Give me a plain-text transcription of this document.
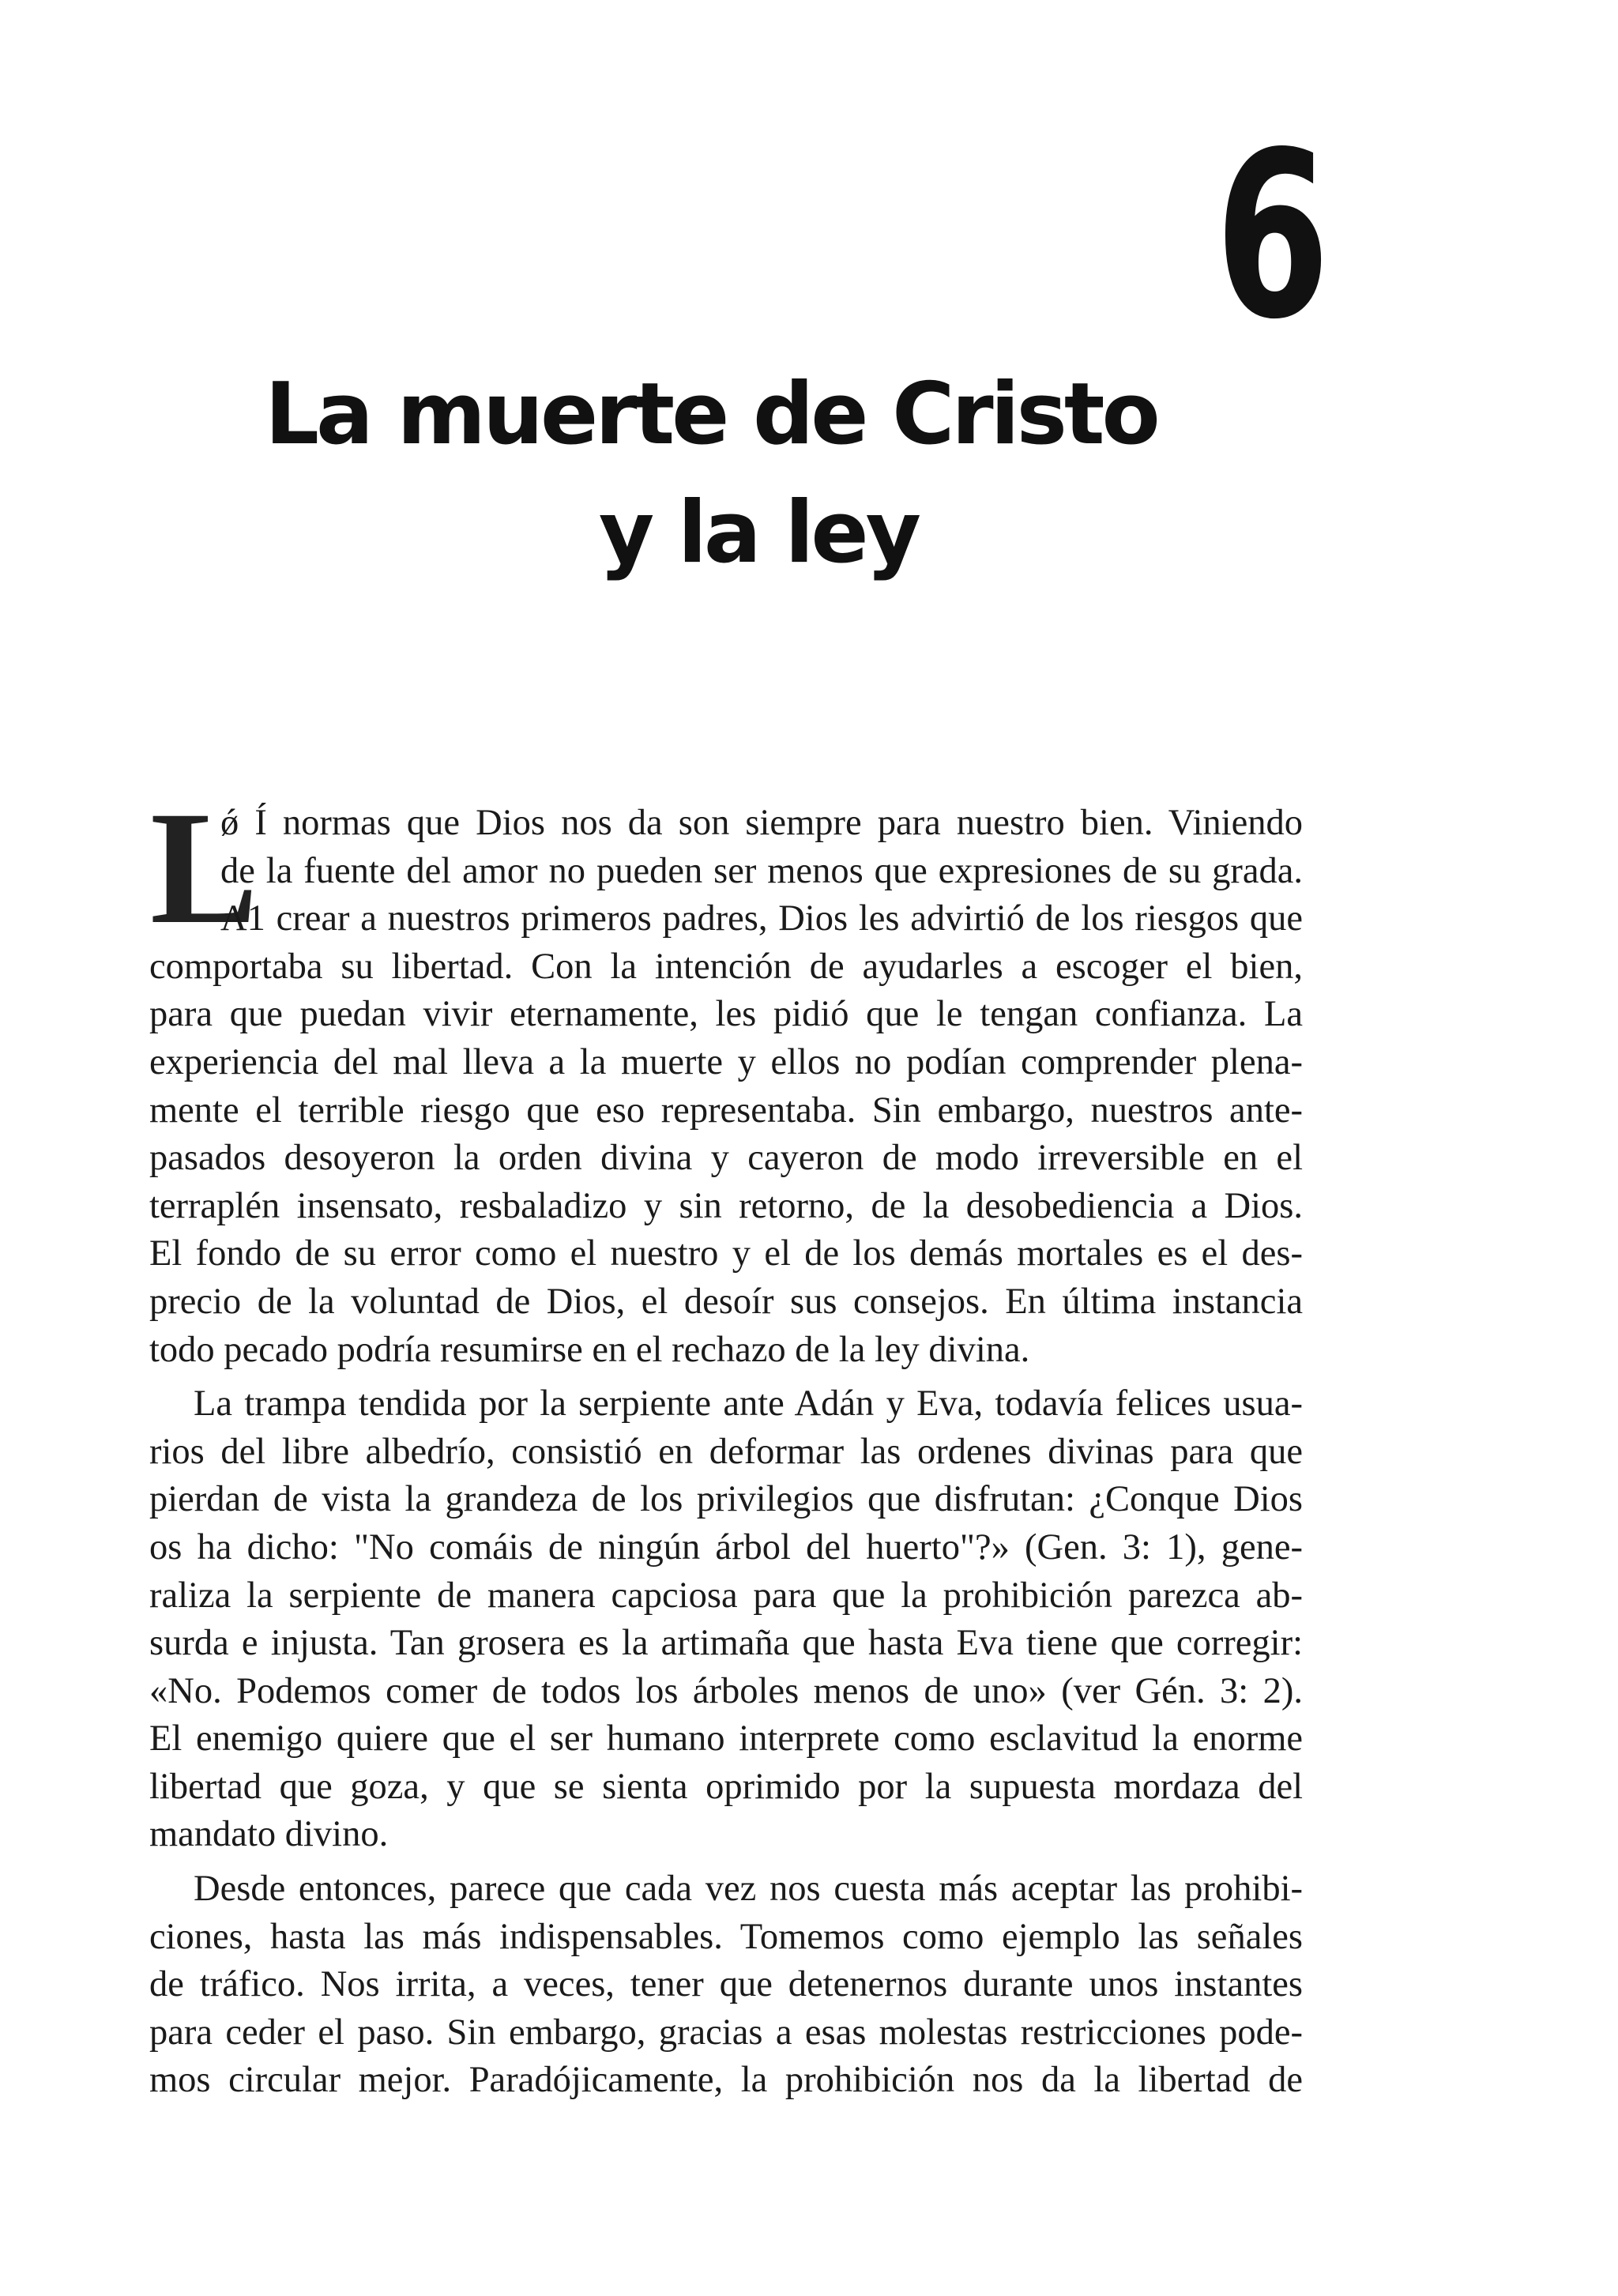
6
La muerte de Cristo
y la ley
L
ǿ Í normas que Dios nos da son siempre para nuestro bien. Viniendo
de la fuente del amor no pueden ser menos que expresiones de su grada.
A1 crear a nuestros primeros padres, Dios les advirtió de los riesgos que
comportaba su libertad. Con la intención de ayudarles a escoger el bien,
para que puedan vivir eternamente, les pidió que le tengan confianza. La
experiencia del mal lleva a la muerte y ellos no podían comprender plena-
mente el terrible riesgo que eso representaba. Sin embargo, nuestros ante-
pasados desoyeron la orden divina y cayeron de modo irreversible en el
terraplén insensato, resbaladizo y sin retorno, de la desobediencia a Dios.
El fondo de su error como el nuestro y el de los demás mortales es el des-
precio de la voluntad de Dios, el desoír sus consejos. En última instancia
todo pecado podría resumirse en el rechazo de la ley divina.
La trampa tendida por la serpiente ante Adán y Eva, todavía felices usua-
rios del libre albedrío, consistió en deformar las ordenes divinas para que
pierdan de vista la grandeza de los privilegios que disfrutan: ¿Conque Dios
os ha dicho: "No comáis de ningún árbol del huerto"?» (Gen. 3: 1), gene-
raliza la serpiente de manera capciosa para que la prohibición parezca ab-
surda e injusta. Tan grosera es la artimaña que hasta Eva tiene que corregir:
«No. Podemos comer de todos los árboles menos de uno» (ver Gén. 3: 2).
El enemigo quiere que el ser humano interprete como esclavitud la enorme
libertad que goza, y que se sienta oprimido por la supuesta mordaza del
mandato divino.
Desde entonces, parece que cada vez nos cuesta más aceptar las prohibi-
ciones, hasta las más indispensables. Tomemos como ejemplo las señales
de tráfico. Nos irrita, a veces, tener que detenernos durante unos instantes
para ceder el paso. Sin embargo, gracias a esas molestas restricciones pode-
mos circular mejor. Paradójicamente, la prohibición nos da la libertad de
